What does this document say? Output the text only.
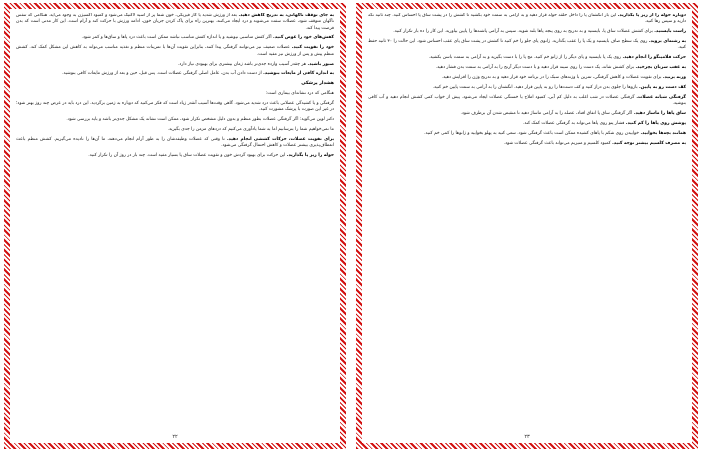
به جای توقف ناگهانی، به تدریج کاهش دهید. بعد از ورزش شدید یا کار فیزیکی، خون شما پر از اسید لاکتیک می‌شود و کمبود اکسیژن به وجود می‌آید. هنگامی که تنفس ناگهان متوقف شود، عضلات سفت می‌شوند و درد ایجاد می‌کنند. بهترین راه برای پاک کردن جریان خون، ادامه ورزش با حرکت کند و آرام است. این کار مدتی است که بدن فرصت پیدا کند.

کفش‌های خود را عوض کنید. اگر کفش مناسبی نپوشید و یا اندازه کفش مناسب نباشد ممکن است باعث درد پاها و ساق‌ها و کمر شود.

خود را تقویت کنید. عضلات ضعیف نیز می‌توانند گرفتگی پیدا کنند، بنابراین تقویت آن‌ها با تمرینات منظم و تغذیه مناسب می‌تواند به کاهش این مشکل کمک کند. کشش منظم پیش و پس از ورزش نیز مفید است.

صبور باشید. هر چقدر آسیب وارده جدی‌تر باشد زمان بیشتری برای بهبودی نیاز دارد.

به اندازه کافی از مایعات بنوشید. از دست دادن آب بدن، عامل اصلی گرفتگی عضلات است. پس قبل، حین و بعد از ورزش مایعات کافی بنوشید.

هشدار پزشکی

هنگامی که درد نشانه‌ای بیماری است:

گرفتگی و یا کشیدگی عضلانی باعث درد شدید می‌شود. گاهی وقت‌ها آسیب آنقدر زیاد است که فکر می‌کنید که دوباره به زمین برگردید. این درد باید در عرض چند روز بهتر شود؛ در غیر این صورت با پزشک مشورت کنید.

دکتر لوین می‌گوید: اگر گرفتگی عضلات بطور منظم و بدون دلیل مشخص تکرار شود، ممکن است نشانه یک مشکل جدی‌تر باشد و باید بررسی شود.

ما نمی‌خواهیم شما را بترسانیم اما به شما یادآوری می‌کنیم که دردهای مزمن را جدی بگیرید.

برای تقویت عضلات، حرکات کششی انجام دهید. تا وقتی که عضلات وظیفه‌شان را به طور آرام انجام می‌دهند، ما آن‌ها را نادیده می‌گیریم. کشش منظم باعث انعطاف‌پذیری بیشتر عضلات و کاهش احتمال گرفتگی می‌شود.

حوله را زیر پا بگذارید. این حرکت برای بهبود گردش خون و تقویت عضلات ساق پا بسیار مفید است. چند بار در روز آن را تکرار کنید.

۲۲

دوباره حوله را از زیر پا بگذارید. این بار انگشتان پا را داخل حلقه حوله قرار دهید و به آرامی به سمت خود بکشید تا کشش را در پشت ساق پا احساس کنید. چند ثانیه نگه دارید و سپس رها کنید.

راست بایستید. برای کشش عضلات ساق پا، بایستید و به تدریج به روی پنجه پاها بلند شوید. سپس به آرامی پاشنه‌ها را پایین بیاورید. این کار را ده بار تکرار کنید.

به رشته‌ای بروید. روی یک سطح صاف بایستید و یک پا را عقب بگذارید. زانوی پای جلو را خم کنید تا کشش در پشت ساق پای عقب احساس شود. این حالت را ۳۰ ثانیه حفظ کنید.

حرکت فلامینگو را انجام دهید. روی یک پا بایستید و پای دیگر را از زانو خم کنید. مچ پا را با دست بگیرید و به آرامی به سمت باسن بکشید.

به عقب سرتان بچرخید. برای کشش شانه، یک دست را روی سینه قرار دهید و با دست دیگر آرنج را به آرامی به سمت بدن فشار دهید.

وزنه بزنید. برای تقویت عضلات و کاهش گرفتگی، تمرین با وزنه‌های سبک را در برنامه خود قرار دهید و به تدریج وزن را افزایش دهید.

کف دست رو به پایین. بازوها را جلوی بدن دراز کنید و کف دست‌ها را رو به پایین قرار دهید. انگشتان را به آرامی به سمت پایین خم کنید.

گرفتگی شبانه عضلات. گرفتگی عضلات در شب اغلب به دلیل کم آبی، کمبود املاح یا خستگی عضلات ایجاد می‌شود. پیش از خواب کمی کشش انجام دهید و آب کافی بنوشید.

ساق پاها را ماساژ دهید. اگر گرفتگی ساق پا اتفاق افتاد، عضله را به آرامی ماساژ دهید تا منقبض شدن آن برطرف شود.

پوشش روی پاها را کم کنید. فشار پتو روی پاها می‌تواند به گرفتگی عضلات کمک کند.

همانند بچه‌ها بخوابید. خوابیدن روی شکم با پاهای کشیده ممکن است باعث گرفتگی شود. سعی کنید به پهلو بخوابید و زانوها را کمی خم کنید.

به مصرف کلسیم بیشتر توجه کنید. کمبود کلسیم و منیزیم می‌تواند باعث گرفتگی عضلات شود.

۲۳
